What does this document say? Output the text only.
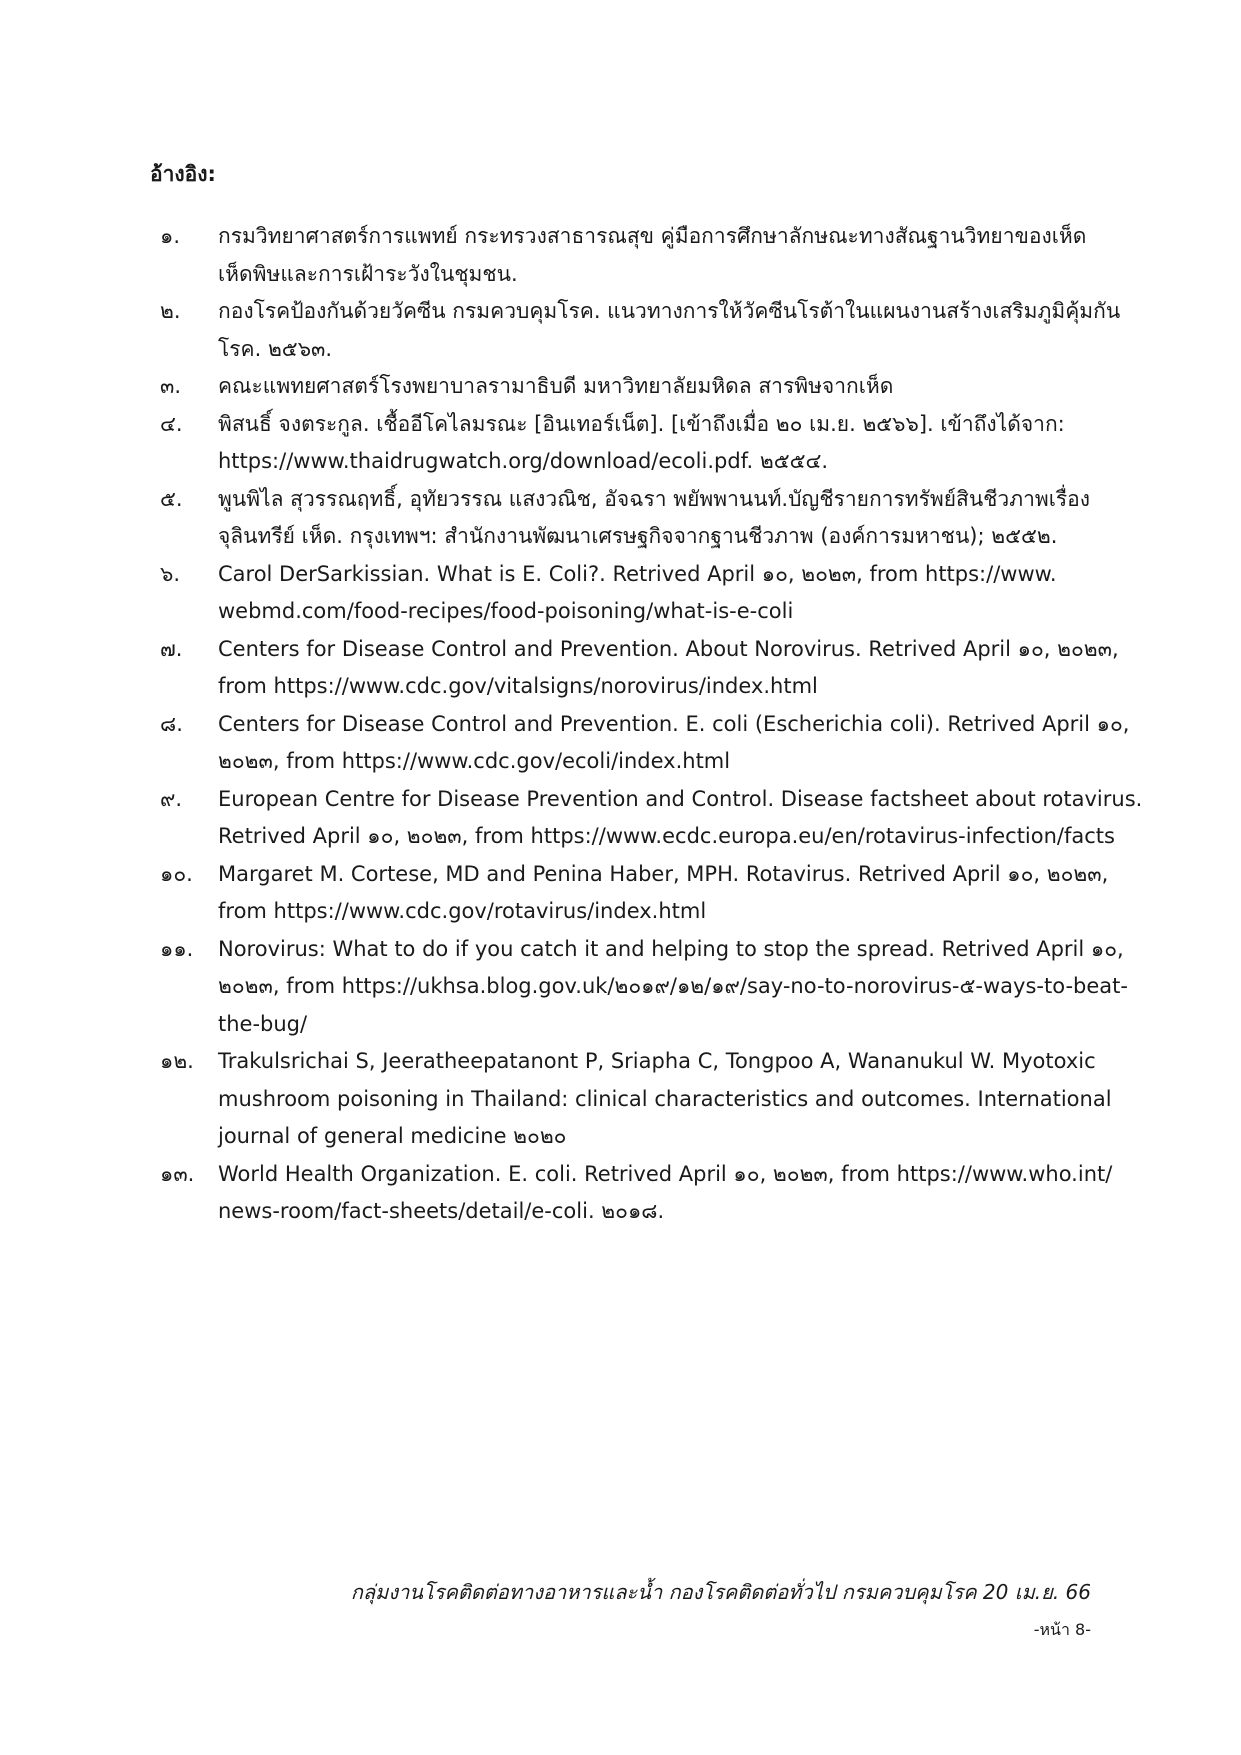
อ้างอิง:
๑.	กรมวิทยาศาสตร์การแพทย์ กระทรวงสาธารณสุข คู่มือการศึกษาลักษณะทางสัณฐานวิทยาของเห็ด
เห็ดพิษและการเฝ้าระวังในชุมชน.
๒.	กองโรคป้องกันด้วยวัคซีน กรมควบคุมโรค. แนวทางการให้วัคซีนโรต้าในแผนงานสร้างเสริมภูมิคุ้มกัน
โรค. ๒๕๖๓.
๓.	คณะแพทยศาสตร์โรงพยาบาลรามาธิบดี มหาวิทยาลัยมหิดล สารพิษจากเห็ด
๔.	พิสนธิ์ จงตระกูล. เชื้ออีโคไลมรณะ [อินเทอร์เน็ต]. [เข้าถึงเมื่อ ๒๐ เม.ย. ๒๕๖๖]. เข้าถึงได้จาก:
https://www.thaidrugwatch.org/download/ecoli.pdf. ๒๕๕๔.
๕.	พูนพิไล สุวรรณฤทธิ์, อุทัยวรรณ แสงวณิช, อัจฉรา พยัพพานนท์.บัญชีรายการทรัพย์สินชีวภาพเรื่อง
จุลินทรีย์ เห็ด. กรุงเทพฯ: สำนักงานพัฒนาเศรษฐกิจจากฐานชีวภาพ (องค์การมหาชน); ๒๕๕๒.
๖.	Carol DerSarkissian. What is E. Coli?. Retrived April ๑๐, ๒๐๒๓, from https://www.
webmd.com/food-recipes/food-poisoning/what-is-e-coli
๗.	Centers for Disease Control and Prevention. About Norovirus. Retrived April ๑๐, ๒๐๒๓,
from https://www.cdc.gov/vitalsigns/norovirus/index.html
๘.	Centers for Disease Control and Prevention. E. coli (Escherichia coli). Retrived April ๑๐,
๒๐๒๓, from https://www.cdc.gov/ecoli/index.html
๙.	European Centre for Disease Prevention and Control. Disease factsheet about rotavirus.
Retrived April ๑๐, ๒๐๒๓, from https://www.ecdc.europa.eu/en/rotavirus-infection/facts
๑๐.	Margaret M. Cortese, MD and Penina Haber, MPH. Rotavirus. Retrived April ๑๐, ๒๐๒๓,
from https://www.cdc.gov/rotavirus/index.html
๑๑.	Norovirus: What to do if you catch it and helping to stop the spread. Retrived April ๑๐,
๒๐๒๓, from https://ukhsa.blog.gov.uk/๒๐๑๙/๑๒/๑๙/say-no-to-norovirus-๕-ways-to-beat-
the-bug/
๑๒.	Trakulsrichai S, Jeeratheepatanont P, Sriapha C, Tongpoo A, Wananukul W. Myotoxic
mushroom poisoning in Thailand: clinical characteristics and outcomes. International
journal of general medicine ๒๐๒๐
๑๓.	World Health Organization. E. coli. Retrived April ๑๐, ๒๐๒๓, from https://www.who.int/
news-room/fact-sheets/detail/e-coli. ๒๐๑๘.
กลุ่มงานโรคติดต่อทางอาหารและน้ำ กองโรคติดต่อทั่วไป กรมควบคุมโรค 20 เม.ย. 66
-หน้า 8-
